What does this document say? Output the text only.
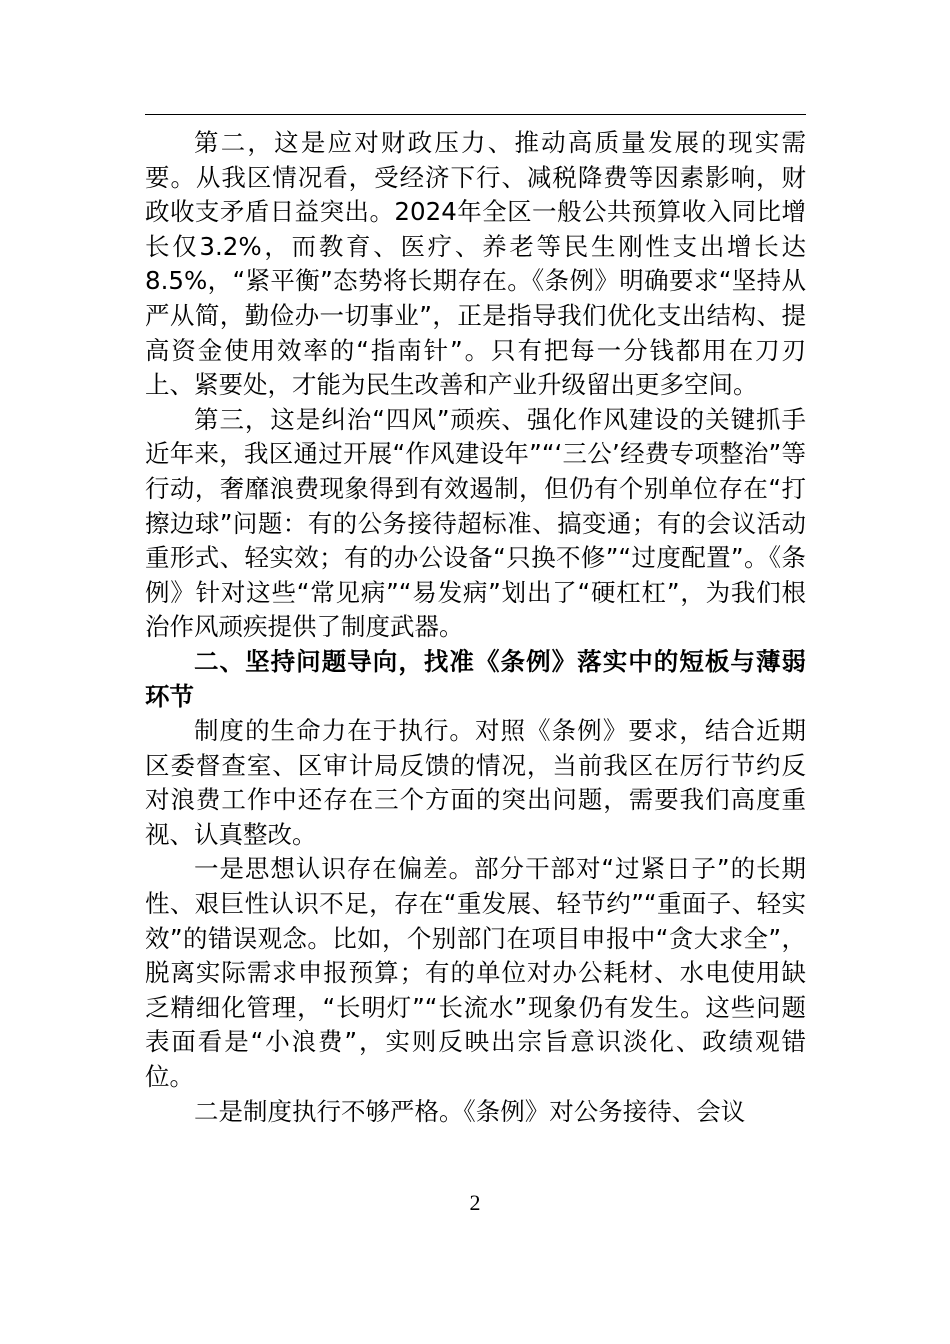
第二，这是应对财政压力、推动高质量发展的现实需要。从我区情况看，受经济下行、减税降费等因素影响，财政收支矛盾日益突出。2024年全区一般公共预算收入同比增长仅3.2%，而教育、医疗、养老等民生刚性支出增长达8.5%，“紧平衡”态势将长期存在。《条例》明确要求“坚持从严从简，勤俭办一切事业”，正是指导我们优化支出结构、提高资金使用效率的“指南针”。只有把每一分钱都用在刀刃上、紧要处，才能为民生改善和产业升级留出更多空间。

第三，这是纠治“四风”顽疾、强化作风建设的关键抓手近年来，我区通过开展“作风建设年”“‘三公’经费专项整治”等行动，奢靡浪费现象得到有效遏制，但仍有个别单位存在“打擦边球”问题：有的公务接待超标准、搞变通；有的会议活动重形式、轻实效；有的办公设备“只换不修”“过度配置”。《条例》针对这些“常见病”“易发病”划出了“硬杠杠”，为我们根治作风顽疾提供了制度武器。

二、坚持问题导向，找准《条例》落实中的短板与薄弱环节

制度的生命力在于执行。对照《条例》要求，结合近期区委督查室、区审计局反馈的情况，当前我区在厉行节约反对浪费工作中还存在三个方面的突出问题，需要我们高度重视、认真整改。

一是思想认识存在偏差。部分干部对“过紧日子”的长期性、艰巨性认识不足，存在“重发展、轻节约”“重面子、轻实效”的错误观念。比如，个别部门在项目申报中“贪大求全”，脱离实际需求申报预算；有的单位对办公耗材、水电使用缺乏精细化管理，“长明灯”“长流水”现象仍有发生。这些问题表面看是“小浪费”，实则反映出宗旨意识淡化、政绩观错位。

二是制度执行不够严格。《条例》对公务接待、会议

2
